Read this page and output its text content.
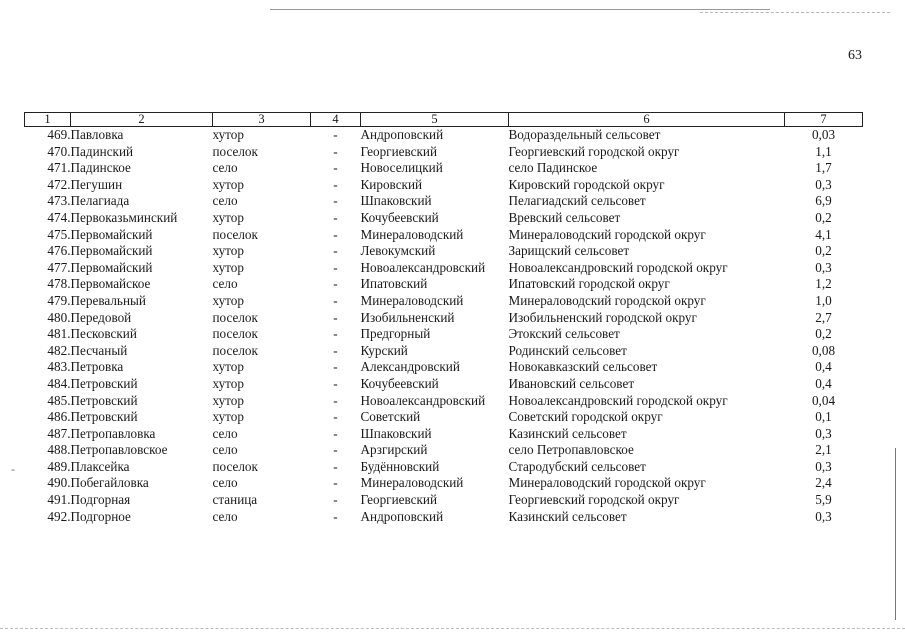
63
-
1	2	3	4	5	6	7
469.	Павловка	хутор	-	Андроповский	Водораздельный сельсовет	0,03
470.	Падинский	поселок	-	Георгиевский	Георгиевский городской округ	1,1
471.	Падинское	село	-	Новоселицкий	село Падинское	1,7
472.	Пегушин	хутор	-	Кировский	Кировский городской округ	0,3
473.	Пелагиада	село	-	Шпаковский	Пелагиадский сельсовет	6,9
474.	Первоказьминский	хутор	-	Кочубеевский	Вревский сельсовет	0,2
475.	Первомайский	поселок	-	Минераловодский	Минераловодский городской округ	4,1
476.	Первомайский	хутор	-	Левокумский	Зарищский сельсовет	0,2
477.	Первомайский	хутор	-	Новоалександровский	Новоалександровский городской округ	0,3
478.	Первомайское	село	-	Ипатовский	Ипатовский городской округ	1,2
479.	Перевальный	хутор	-	Минераловодский	Минераловодский городской округ	1,0
480.	Передовой	поселок	-	Изобильненский	Изобильненский городской округ	2,7
481.	Песковский	поселок	-	Предгорный	Этокский сельсовет	0,2
482.	Песчаный	поселок	-	Курский	Родинский сельсовет	0,08
483.	Петровка	хутор	-	Александровский	Новокавказский сельсовет	0,4
484.	Петровский	хутор	-	Кочубеевский	Ивановский сельсовет	0,4
485.	Петровский	хутор	-	Новоалександровский	Новоалександровский городской округ	0,04
486.	Петровский	хутор	-	Советский	Советский городской округ	0,1
487.	Петропавловка	село	-	Шпаковский	Казинский сельсовет	0,3
488.	Петропавловское	село	-	Арзгирский	село Петропавловское	2,1
489.	Плаксейка	поселок	-	Будённовский	Стародубский сельсовет	0,3
490.	Побегайловка	село	-	Минераловодский	Минераловодский городской округ	2,4
491.	Подгорная	станица	-	Георгиевский	Георгиевский городской округ	5,9
492.	Подгорное	село	-	Андроповский	Казинский сельсовет	0,3
